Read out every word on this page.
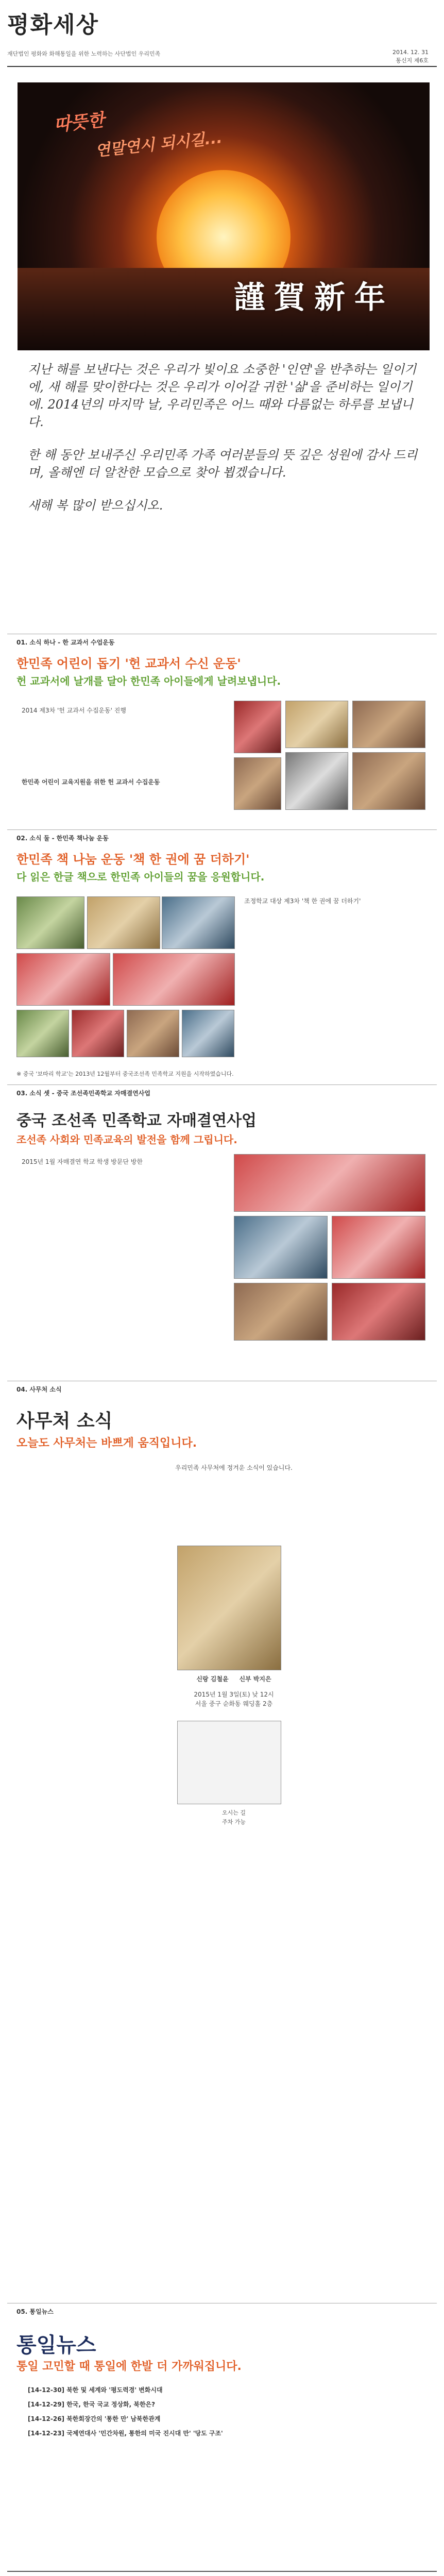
평화세상
재단법인 평화와 화해통일을 위한 노력하는 사단법인 우리민족	2014. 12. 31
통신지 제6호
따뜻한
연말연시 되시길...
謹賀新年

지난 해를 보낸다는 것은 우리가 빛이요 소중한 '인연'을 반추하는 일이기에, 새 해를 맞이한다는 것은 우리가 이어갈 귀한 '삶'을 준비하는 일이기에. 2014년의 마지막 날, 우리민족은 어느 때와 다름없는 하루를 보냅니다.

한 해 동안 보내주신 우리민족 가족 여러분들의 뜻 깊은 성원에 감사 드리며, 올해엔 더 알찬한 모습으로 찾아 뵙겠습니다.

새해 복 많이 받으십시오.

01. 소식 하나 - 한 교과서 수업운동
한민족 어린이 돕기 '헌 교과서 수신 운동'
헌 교과서에 날개를 달아 한민족 아이들에게 날려보냅니다.
2014 제3차 '헌 교과서 수집운동' 진행
한민족 어린이 교육지원을 위한 헌 교과서 수집운동
02. 소식 둘 - 한민족 책나눔 운동
한민족 책 나눔 운동 '책 한 권에 꿈 더하기'
다 읽은 한글 책으로 한민족 아이들의 꿈을 응원합니다.
조정학교 대상 제3차 '책 한 권에 꿈 더하기'
※ 중국 '보따리 학교'는 2013년 12월부터 중국조선족 민족학교 지원을 시작하였습니다.
03. 소식 셋 - 중국 조선족민족학교 자매결연사업
중국 조선족 민족학교 자매결연사업
조선족 사회와 민족교육의 발전을 함께 그립니다.
2015년 1월 자매결연 학교 학생 방문단 방한
04. 사무처 소식
사무처 소식
오늘도 사무처는 바쁘게 움직입니다.
우리민족 사무처에 정겨운 소식이 있습니다.
신랑 김철윤 신부 박지은
2015년 1월 3일(토) 낮 12시
서울 중구 순화동 웨딩홀 2층
오시는 길
주차 가능
05. 통일뉴스
통일뉴스
통일 고민할 때 통일에 한발 더 가까워집니다.
[14-12-30] 북한 및 세계와 '평도력경' 변화시대
[14-12-29] 한국, 한국 국교 정상화, 북한은?
[14-12-26] 북한회장간의 '통한 만' 남북한관계
[14-12-23] 국제연대사 '민간차원, 통한의 미국 진시대 만' '당도 구조'
